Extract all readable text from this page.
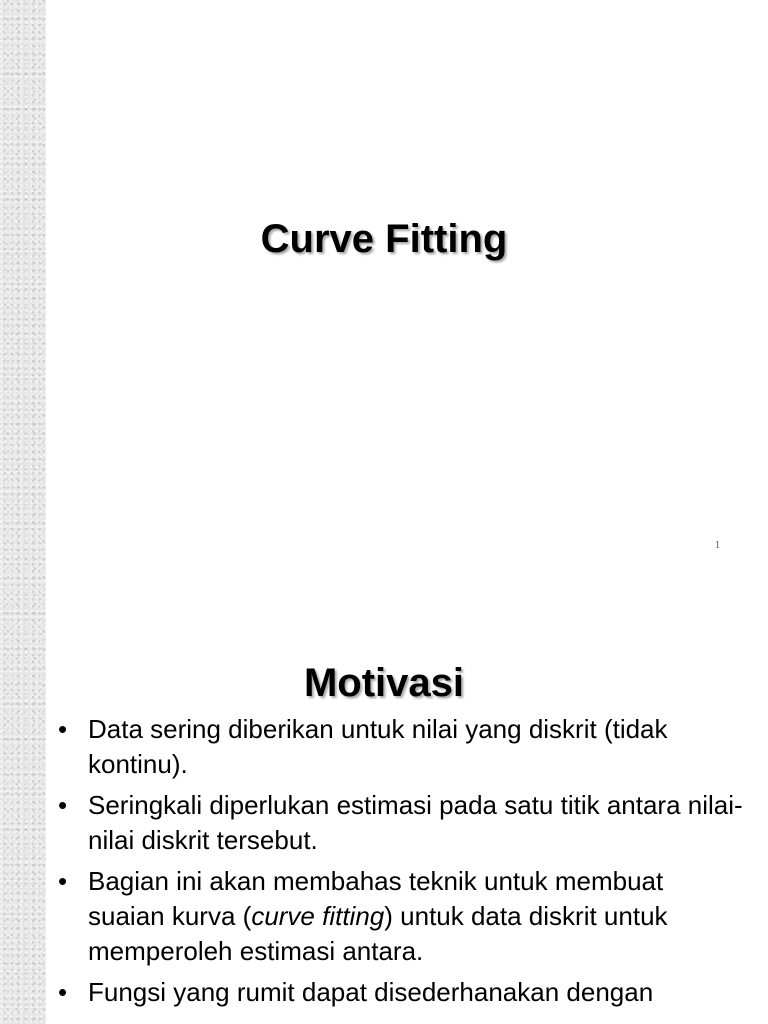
Curve Fitting
1
Motivasi
• Data sering diberikan untuk nilai yang diskrit (tidak kontinu).
• Seringkali diperlukan estimasi pada satu titik antara nilai-nilai diskrit tersebut.
• Bagian ini akan membahas teknik untuk membuat suaian kurva (curve fitting) untuk data diskrit untuk memperoleh estimasi antara.
• Fungsi yang rumit dapat disederhanakan dengan
